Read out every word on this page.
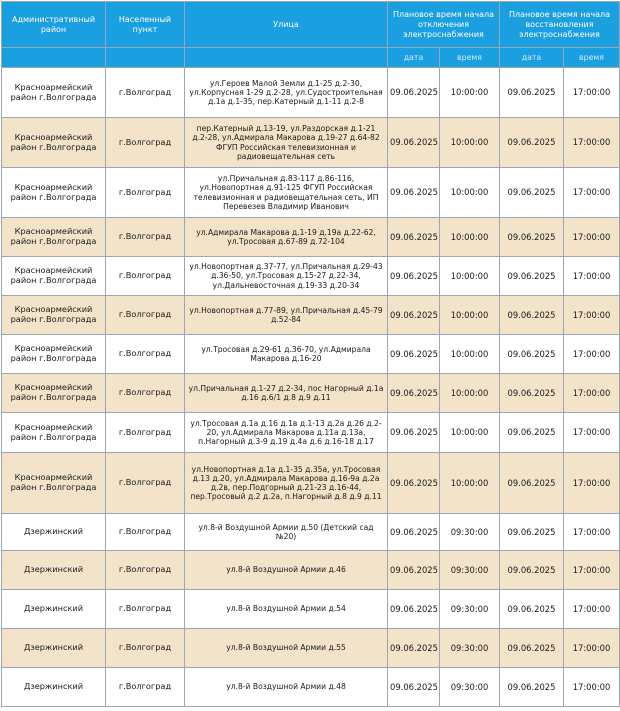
Административный район	Населенный пункт	Улица	Плановое время начала отключения электроснабжения		Плановое время начала восстановления электроснабжения	
			дата	время	дата	время
Красноармейский район г.Волгограда	г.Волгоград	ул.Героев Малой Земли д.1-25 д.2-30, ул.Корпусная 1-29 д.2-28, ул.Судостроительная д.1а д.1-35, пер.Катерный д.1-11 д.2-8	09.06.2025	10:00:00	09.06.2025	17:00:00
Красноармейский район г.Волгограда	г.Волгоград	пер.Катерный д.13-19, ул.Раздорская д.1-21 д.2-28, ул.Адмирала Макарова д.19-27 д.64-82 ФГУП Российская телевизионная и радиовещательная сеть	09.06.2025	10:00:00	09.06.2025	17:00:00
Красноармейский район г.Волгограда	г.Волгоград	ул.Причальная д.83-117 д.86-116, ул.Новопортная д.91-125 ФГУП Российская телевизионная и радиовещательная сеть, ИП Перевезев Владимир Иванович	09.06.2025	10:00:00	09.06.2025	17:00:00
Красноармейский район г.Волгограда	г.Волгоград	ул.Адмирала Макарова д.1-19 д.19а д.22-62, ул.Тросовая д.67-89 д.72-104	09.06.2025	10:00:00	09.06.2025	17:00:00
Красноармейский район г.Волгограда	г.Волгоград	ул.Новопортная д.37-77, ул.Причальная д.29-43 д.36-50, ул.Тросовая д.15-27 д.22-34, ул.Дальневосточная д.19-33 д.20-34	09.06.2025	10:00:00	09.06.2025	17:00:00
Красноармейский район г.Волгограда	г.Волгоград	ул.Новопортная д.77-89, ул.Причальная д.45-79 д.52-84	09.06.2025	10:00:00	09.06.2025	17:00:00
Красноармейский район г.Волгограда	г.Волгоград	ул.Тросовая д.29-61 д.36-70, ул.Адмирала Макарова д.16-20	09.06.2025	10:00:00	09.06.2025	17:00:00
Красноармейский район г.Волгограда	г.Волгоград	ул.Причальная д.1-27 д.2-34, пос Нагорный д.1а д.16 д.6/1 д.8 д.9 д.11	09.06.2025	10:00:00	09.06.2025	17:00:00
Красноармейский район г.Волгограда	г.Волгоград	ул.Тросовая д.1а д.16 д.1в д.1-13 д.2а д.26 д.2-20, ул.Адмирала Макарова д.11а д.13а, п.Нагорный д.3-9 д.19 д.4а д.6 д.16-18 д.17	09.06.2025	10:00:00	09.06.2025	17:00:00
Красноармейский район г.Волгограда	г.Волгоград	ул.Новопортная д.1а д.1-35 д.35а, ул.Тросовая д.13 д.20, ул.Адмирала Макарова д.16-9а д.2а д.2в, пер.Подгорный д.21-23 д.16-44, пер.Тросовый д.2 д.2а, п.Нагорный д.8 д.9 д.11	09.06.2025	10:00:00	09.06.2025	17:00:00
Дзержинский	г.Волгоград	ул.8-й Воздушной Армии д.50 (Детский сад №20)	09.06.2025	09:30:00	09.06.2025	17:00:00
Дзержинский	г.Волгоград	ул.8-й Воздушной Армии д.46	09.06.2025	09:30:00	09.06.2025	17:00:00
Дзержинский	г.Волгоград	ул.8-й Воздушной Армии д.54	09.06.2025	09:30:00	09.06.2025	17:00:00
Дзержинский	г.Волгоград	ул.8-й Воздушной Армии д.55	09.06.2025	09:30:00	09.06.2025	17:00:00
Дзержинский	г.Волгоград	ул.8-й Воздушной Армии д.48	09.06.2025	09:30:00	09.06.2025	17:00:00
